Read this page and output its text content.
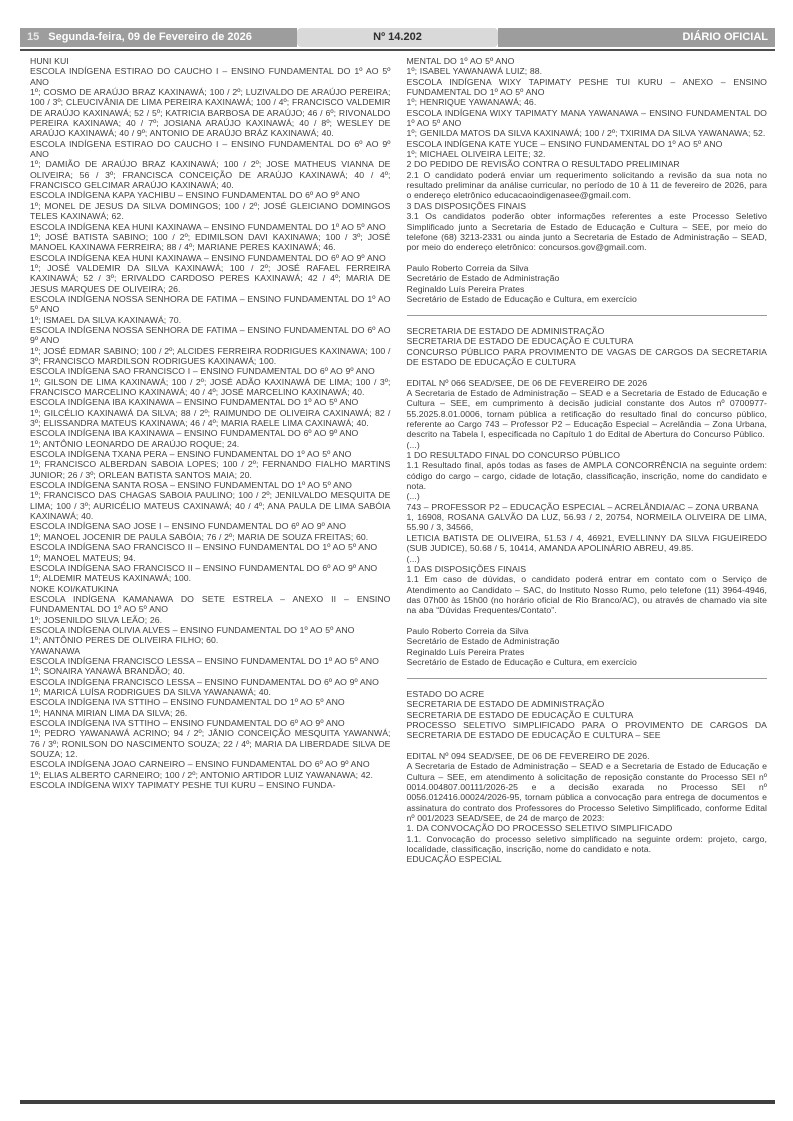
15 Segunda-feira, 09 de Fevereiro de 2026	Nº 14.202	DIÁRIO OFICIAL

HUNI KUI

ESCOLA INDÍGENA ESTIRAO DO CAUCHO I – ENSINO FUNDAMENTAL DO 1º AO 5º ANO

1º; COSMO DE ARAÚJO BRAZ KAXINAWÁ; 100 / 2º; LUZIVALDO DE ARAÚJO PEREIRA; 100 / 3º; CLEUCIVÂNIA DE LIMA PEREIRA KAXINAWÁ; 100 / 4º; FRANCISCO VALDEMIR DE ARAÚJO KAXINAWÁ; 52 / 5º; KATRICIA BARBOSA DE ARAÚJO; 46 / 6º; RIVONALDO PEREIRA KAXINAWA; 40 / 7º; JOSIANA ARAÚJO KAXINAWÁ; 40 / 8º; WESLEY DE ARAÚJO KAXINAWÁ; 40 / 9º; ANTONIO DE ARAÚJO BRÁZ KAXINAWÁ; 40.

ESCOLA INDÍGENA ESTIRAO DO CAUCHO I – ENSINO FUNDAMENTAL DO 6º AO 9º ANO

1º; DAMIÃO DE ARAÚJO BRAZ KAXINAWÁ; 100 / 2º; JOSE MATHEUS VIANNA DE OLIVEIRA; 56 / 3º; FRANCISCA CONCEIÇÃO DE ARAÚJO KAXINAWÁ; 40 / 4º; FRANCISCO GELCIMAR ARAÚJO KAXINAWÁ; 40.

ESCOLA INDÍGENA KAPA YACHIBU – ENSINO FUNDAMENTAL DO 6º AO 9º ANO

1º; MONEL DE JESUS DA SILVA DOMINGOS; 100 / 2º; JOSÉ GLEICIANO DOMINGOS TELES KAXINAWÁ; 62.

ESCOLA INDÍGENA KEA HUNI KAXINAWA – ENSINO FUNDAMENTAL DO 1º AO 5º ANO

1º; JOSÉ BATISTA SABINO; 100 / 2º; EDIMILSON DAVI KAXINAWA; 100 / 3º; JOSÉ MANOEL KAXINAWA FERREIRA; 88 / 4º; MARIANE PERES KAXINAWÁ; 46.

ESCOLA INDÍGENA KEA HUNI KAXINAWA – ENSINO FUNDAMENTAL DO 6º AO 9º ANO

1º; JOSÉ VALDEMIR DA SILVA KAXINAWÁ; 100 / 2º; JOSÉ RAFAEL FERREIRA KAXINAWÁ; 52 / 3º; ERIVALDO CARDOSO PERES KAXINAWÁ; 42 / 4º; MARIA DE JESUS MARQUES DE OLIVEIRA; 26.

ESCOLA INDÍGENA NOSSA SENHORA DE FATIMA – ENSINO FUNDAMENTAL DO 1º AO 5º ANO

1º; ISMAEL DA SILVA KAXINAWÁ; 70.

ESCOLA INDÍGENA NOSSA SENHORA DE FATIMA – ENSINO FUNDAMENTAL DO 6º AO 9º ANO

1º; JOSÉ EDMAR SABINO; 100 / 2º; ALCIDES FERREIRA RODRIGUES KAXINAWA; 100 / 3º; FRANCISCO MARDILSON RODRIGUES KAXINAWÁ; 100.

ESCOLA INDÍGENA SAO FRANCISCO I – ENSINO FUNDAMENTAL DO 6º AO 9º ANO

1º; GILSON DE LIMA KAXINAWÁ; 100 / 2º; JOSÉ ADÃO KAXINAWÁ DE LIMA; 100 / 3º; FRANCISCO MARCELINO KAXINAWÁ; 40 / 4º; JOSÉ MARCELINO KAXINAWÁ; 40.

ESCOLA INDÍGENA IBA KAXINAWA – ENSINO FUNDAMENTAL DO 1º AO 5º ANO

1º; GILCÉLIO KAXINAWÁ DA SILVA; 88 / 2º; RAIMUNDO DE OLIVEIRA CAXINAWÁ; 82 / 3º; ELISSANDRA MATEUS KAXINAWA; 46 / 4º; MARIA RAELE LIMA CAXINAWÁ; 40.

ESCOLA INDÍGENA IBA KAXINAWA – ENSINO FUNDAMENTAL DO 6º AO 9º ANO

1º; ANTÔNIO LEONARDO DE ARAÚJO ROQUE; 24.

ESCOLA INDÍGENA TXANA PERA – ENSINO FUNDAMENTAL DO 1º AO 5º ANO

1º; FRANCISCO ALBERDAN SABOIA LOPES; 100 / 2º; FERNANDO FIALHO MARTINS JUNIOR; 26 / 3º; ORLEAN BATISTA SANTOS MAIA; 20.

ESCOLA INDÍGENA SANTA ROSA – ENSINO FUNDAMENTAL DO 1º AO 5º ANO

1º; FRANCISCO DAS CHAGAS SABOIA PAULINO; 100 / 2º; JENILVALDO MESQUITA DE LIMA; 100 / 3º; AURICÉLIO MATEUS CAXINAWÁ; 40 / 4º; ANA PAULA DE LIMA SABÓIA KAXINAWÁ; 40.

ESCOLA INDÍGENA SAO JOSE I – ENSINO FUNDAMENTAL DO 6º AO 9º ANO

1º; MANOEL JOCENIR DE PAULA SABÓIA; 76 / 2º; MARIA DE SOUZA FREITAS; 60.

ESCOLA INDÍGENA SAO FRANCISCO II – ENSINO FUNDAMENTAL DO 1º AO 5º ANO

1º; MANOEL MATEUS; 94.

ESCOLA INDÍGENA SAO FRANCISCO II – ENSINO FUNDAMENTAL DO 6º AO 9º ANO

1º; ALDEMIR MATEUS KAXINAWÁ; 100.

NOKE KOI/KATUKINA

ESCOLA INDÍGENA KAMANAWA DO SETE ESTRELA – ANEXO II – ENSINO FUNDAMENTAL DO 1º AO 5º ANO

1º; JOSENILDO SILVA LEÃO; 26.

ESCOLA INDÍGENA OLIVIA ALVES – ENSINO FUNDAMENTAL DO 1º AO 5º ANO

1º; ANTÔNIO PERES DE OLIVEIRA FILHO; 60.

YAWANAWA

ESCOLA INDÍGENA FRANCISCO LESSA – ENSINO FUNDAMENTAL DO 1º AO 5º ANO

1º; SONAIRA YANAWÁ BRANDÃO; 40.

ESCOLA INDÍGENA FRANCISCO LESSA – ENSINO FUNDAMENTAL DO 6º AO 9º ANO

1º; MARICÁ LUÍSA RODRIGUES DA SILVA YAWANAWÁ; 40.

ESCOLA INDÍGENA IVA STTIHO – ENSINO FUNDAMENTAL DO 1º AO 5º ANO

1º; HANNA MIRIAN LIMA DA SILVA; 26.

ESCOLA INDÍGENA IVA STTIHO – ENSINO FUNDAMENTAL DO 6º AO 9º ANO

1º; PEDRO YAWANAWÁ ACRINO; 94 / 2º; JÂNIO CONCEIÇÃO MESQUITA YAWANWÁ; 76 / 3º; RONILSON DO NASCIMENTO SOUZA; 22 / 4º; MARIA DA LIBERDADE SILVA DE SOUZA; 12.

ESCOLA INDÍGENA JOAO CARNEIRO – ENSINO FUNDAMENTAL DO 6º AO 9º ANO

1º; ELIAS ALBERTO CARNEIRO; 100 / 2º; ANTONIO ARTIDOR LUIZ YAWANAWA; 42.

ESCOLA INDÍGENA WIXY TAPIMATY PESHE TUI KURU – ENSINO FUNDA-

MENTAL DO 1º AO 5º ANO

1º; ISABEL YAWANAWÁ LUIZ; 88.

ESCOLA INDÍGENA WIXY TAPIMATY PESHE TUI KURU – ANEXO – ENSINO FUNDAMENTAL DO 1º AO 5º ANO

1º; HENRIQUE YAWANAWÁ; 46.

ESCOLA INDÍGENA WIXY TAPIMATY MANA YAWANAWA – ENSINO FUNDAMENTAL DO 1º AO 5º ANO

1º; GENILDA MATOS DA SILVA KAXINAWÁ; 100 / 2º; TXIRIMA DA SILVA YAWANAWA; 52.

ESCOLA INDÍGENA KATE YUCE – ENSINO FUNDAMENTAL DO 1º AO 5º ANO

1º; MICHAEL OLIVEIRA LEITE; 32.

2 DO PEDIDO DE REVISÃO CONTRA O RESULTADO PRELIMINAR

2.1 O candidato poderá enviar um requerimento solicitando a revisão da sua nota no resultado preliminar da análise curricular, no período de 10 à 11 de fevereiro de 2026, para o endereço eletrônico educacaoindigenasee@gmail.com.

3 DAS DISPOSIÇÕES FINAIS

3.1 Os candidatos poderão obter informações referentes a este Processo Seletivo Simplificado junto a Secretaria de Estado de Educação e Cultura – SEE, por meio do telefone (68) 3213-2331 ou ainda junto a Secretaria de Estado de Administração – SEAD, por meio do endereço eletrônico: concursos.gov@gmail.com.

Paulo Roberto Correia da Silva

Secretário de Estado de Administração

Reginaldo Luís Pereira Prates

Secretário de Estado de Educação e Cultura, em exercício

SECRETARIA DE ESTADO DE ADMINISTRAÇÃO

SECRETARIA DE ESTADO DE EDUCAÇÃO E CULTURA

CONCURSO PÚBLICO PARA PROVIMENTO DE VAGAS DE CARGOS DA SECRETARIA DE ESTADO DE EDUCAÇÃO E CULTURA

EDITAL Nº 066 SEAD/SEE, DE 06 DE FEVEREIRO DE 2026

A Secretaria de Estado de Administração – SEAD e a Secretaria de Estado de Educação e Cultura – SEE, em cumprimento à decisão judicial constante dos Autos nº 0700977-55.2025.8.01.0006, tornam pública a retificação do resultado final do concurso público, referente ao Cargo 743 – Professor P2 – Educação Especial – Acrelândia – Zona Urbana, descrito na Tabela I, especificada no Capítulo 1 do Edital de Abertura do Concurso Público.

(...)

1 DO RESULTADO FINAL DO CONCURSO PÚBLICO

1.1 Resultado final, após todas as fases de AMPLA CONCORRÊNCIA na seguinte ordem: código do cargo – cargo, cidade de lotação, classificação, inscrição, nome do candidato e nota.

(...)

743 – PROFESSOR P2 – EDUCAÇÃO ESPECIAL – ACRELÂNDIA/AC – ZONA URBANA

1, 16908, ROSANA GALVÃO DA LUZ, 56.93 / 2, 20754, NORMEILA OLIVEIRA DE LIMA, 55.90 / 3, 34566,

LETICIA BATISTA DE OLIVEIRA, 51.53 / 4, 46921, EVELLINNY DA SILVA FIGUEIREDO (SUB JUDICE), 50.68 / 5, 10414, AMANDA APOLINÁRIO ABREU, 49.85.

(...)

1 DAS DISPOSIÇÕES FINAIS

1.1 Em caso de dúvidas, o candidato poderá entrar em contato com o Serviço de Atendimento ao Candidato – SAC, do Instituto Nosso Rumo, pelo telefone (11) 3964-4946, das 07h00 às 15h00 (no horário oficial de Rio Branco/AC), ou através de chamado via site na aba “Dúvidas Frequentes/Contato”.

Paulo Roberto Correia da Silva

Secretário de Estado de Administração

Reginaldo Luís Pereira Prates

Secretário de Estado de Educação e Cultura, em exercício

ESTADO DO ACRE

SECRETARIA DE ESTADO DE ADMINISTRAÇÃO

SECRETARIA DE ESTADO DE EDUCAÇÃO E CULTURA

PROCESSO SELETIVO SIMPLIFICADO PARA O PROVIMENTO DE CARGOS DA SECRETARIA DE ESTADO DE EDUCAÇÃO E CULTURA – SEE

EDITAL Nº 094 SEAD/SEE, DE 06 DE FEVEREIRO DE 2026.

A Secretaria de Estado de Administração – SEAD e a Secretaria de Estado de Educação e Cultura – SEE, em atendimento à solicitação de reposição constante do Processo SEI nº 0014.004807.00111/2026-25 e a decisão exarada no Processo SEI nº 0056.012416.00024/2026-95, tornam pública a convocação para entrega de documentos e assinatura do contrato dos Professores do Processo Seletivo Simplificado, conforme Edital nº 001/2023 SEAD/SEE, de 24 de março de 2023:

1. DA CONVOCAÇÃO DO PROCESSO SELETIVO SIMPLIFICADO

1.1. Convocação do processo seletivo simplificado na seguinte ordem: projeto, cargo, localidade, classificação, inscrição, nome do candidato e nota.

EDUCAÇÃO ESPECIAL
